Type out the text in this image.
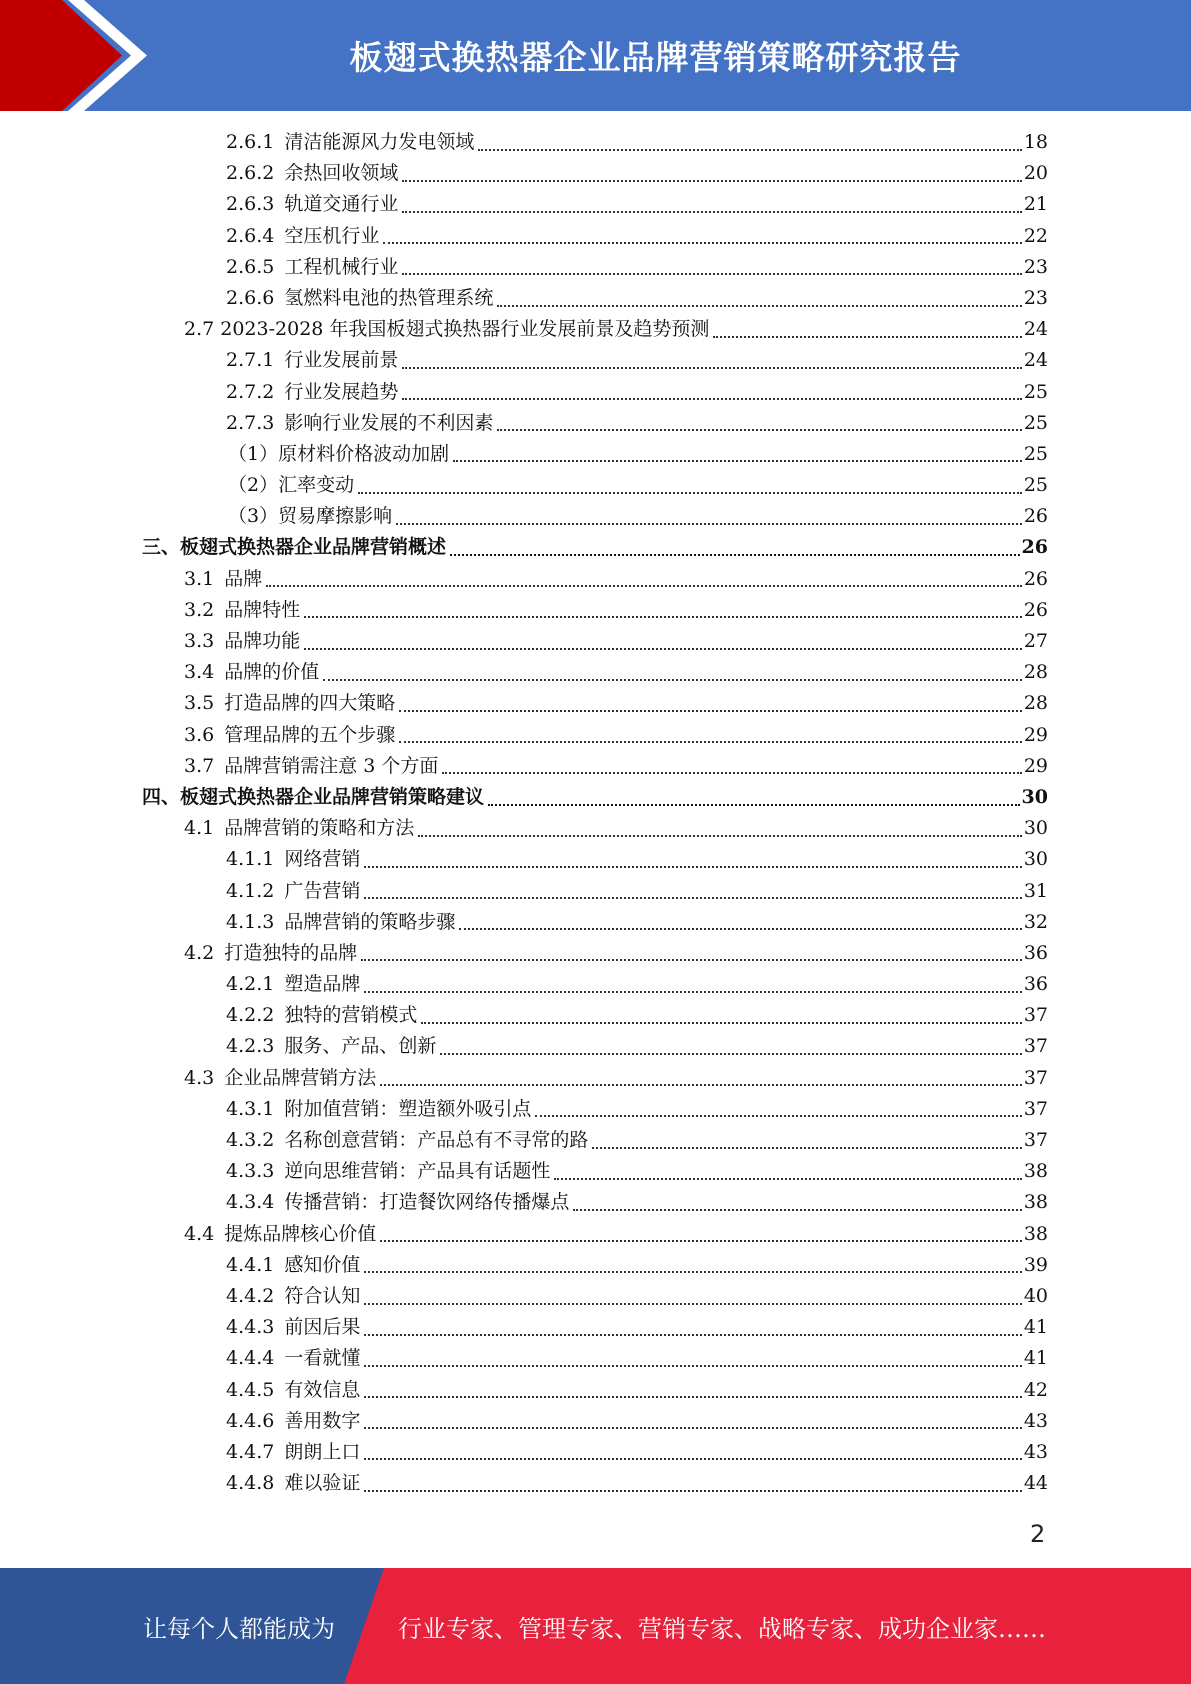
板翅式换热器企业品牌营销策略研究报告
2.6.1 清洁能源风力发电领域	18
2.6.2 余热回收领域	20
2.6.3 轨道交通行业	21
2.6.4 空压机行业	22
2.6.5 工程机械行业	23
2.6.6 氢燃料电池的热管理系统	23
2.7 2023-2028 年我国板翅式换热器行业发展前景及趋势预测	24
2.7.1 行业发展前景	24
2.7.2 行业发展趋势	25
2.7.3 影响行业发展的不利因素	25
（1）原材料价格波动加剧	25
（2）汇率变动	25
（3）贸易摩擦影响	26
三、板翅式换热器企业品牌营销概述	26
3.1 品牌	26
3.2 品牌特性	26
3.3 品牌功能	27
3.4 品牌的价值	28
3.5 打造品牌的四大策略	28
3.6 管理品牌的五个步骤	29
3.7 品牌营销需注意 3 个方面	29
四、板翅式换热器企业品牌营销策略建议	30
4.1 品牌营销的策略和方法	30
4.1.1 网络营销	30
4.1.2 广告营销	31
4.1.3 品牌营销的策略步骤	32
4.2 打造独特的品牌	36
4.2.1 塑造品牌	36
4.2.2 独特的营销模式	37
4.2.3 服务、产品、创新	37
4.3 企业品牌营销方法	37
4.3.1 附加值营销：塑造额外吸引点	37
4.3.2 名称创意营销：产品总有不寻常的路	37
4.3.3 逆向思维营销：产品具有话题性	38
4.3.4 传播营销：打造餐饮网络传播爆点	38
4.4 提炼品牌核心价值	38
4.4.1 感知价值	39
4.4.2 符合认知	40
4.4.3 前因后果	41
4.4.4 一看就懂	41
4.4.5 有效信息	42
4.4.6 善用数字	43
4.4.7 朗朗上口	43
4.4.8 难以验证	44
2
让每个人都能成为	行业专家、管理专家、营销专家、战略专家、成功企业家……
